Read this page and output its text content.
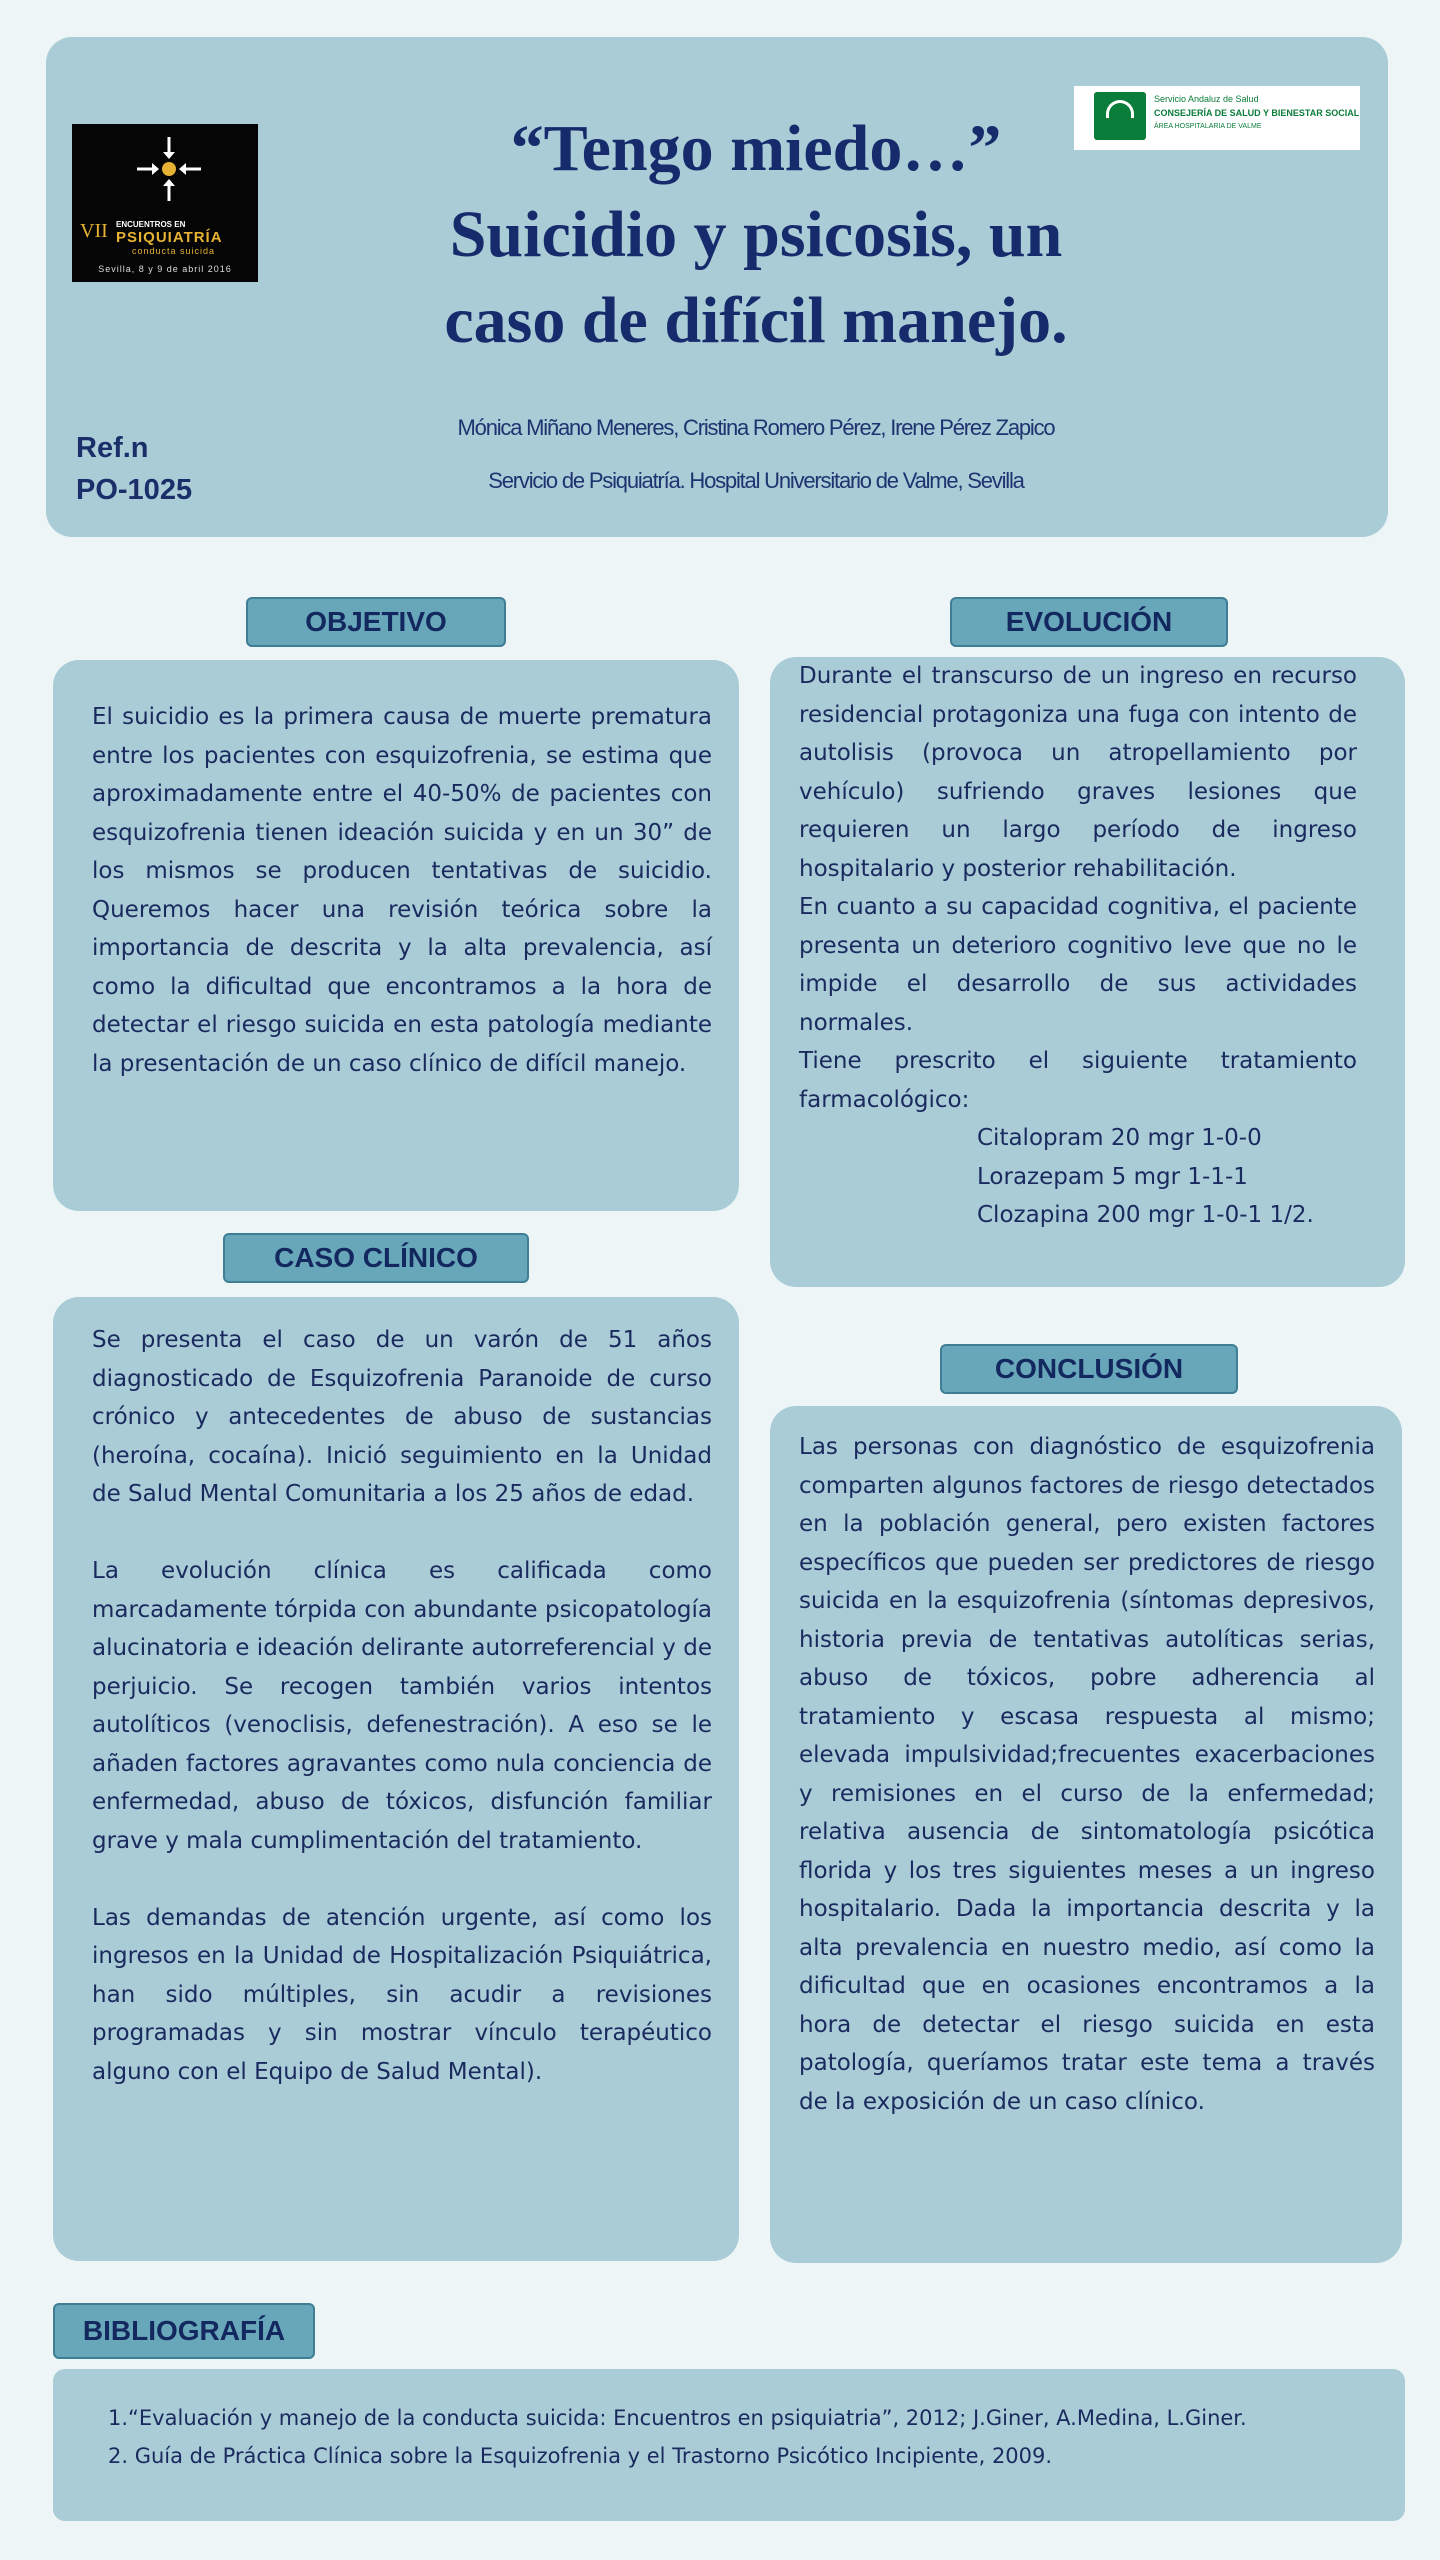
VII ENCUENTROS EN
PSIQUIATRÍA
conducta suicida
Sevilla, 8 y 9 de abril 2016
“Tengo miedo…”
Suicidio y psicosis, un
caso de difícil manejo.
Servicio Andaluz de Salud
CONSEJERÍA DE SALUD Y BIENESTAR SOCIAL
ÁREA HOSPITALARIA DE VALME
Ref.n
PO-1025
Mónica Miñano Meneres, Cristina Romero Pérez, Irene Pérez Zapico
Servicio de Psiquiatría. Hospital Universitario de Valme, Sevilla
OBJETIVO

El suicidio es la primera causa de muerte prematura entre los pacientes con esquizofrenia, se estima que aproximadamente entre el 40-50% de pacientes con esquizofrenia tienen ideación suicida y en un 30” de los mismos se producen tentativas de suicidio. Queremos hacer una revisión teórica sobre la importancia de descrita y la alta prevalencia, así como la dificultad que encontramos a la hora de detectar el riesgo suicida en esta patología mediante la presentación de un caso clínico de difícil manejo.

CASO CLÍNICO

Se presenta el caso de un varón de 51 años diagnosticado de Esquizofrenia Paranoide de curso crónico y antecedentes de abuso de sustancias (heroína, cocaína). Inició seguimiento en la Unidad de Salud Mental Comunitaria a los 25 años de edad.

La evolución clínica es calificada como marcadamente tórpida con abundante psicopatología alucinatoria e ideación delirante autorreferencial y de perjuicio. Se recogen también varios intentos autolíticos (venoclisis, defenestración). A eso se le añaden factores agravantes como nula conciencia de enfermedad, abuso de tóxicos, disfunción familiar grave y mala cumplimentación del tratamiento.

Las demandas de atención urgente, así como los ingresos en la Unidad de Hospitalización Psiquiátrica, han sido múltiples, sin acudir a revisiones programadas y sin mostrar vínculo terapéutico alguno con el Equipo de Salud Mental).

EVOLUCIÓN

Durante el transcurso de un ingreso en recurso residencial protagoniza una fuga con intento de autolisis (provoca un atropellamiento por vehículo) sufriendo graves lesiones que requieren un largo período de ingreso hospitalario y posterior rehabilitación.

En cuanto a su capacidad cognitiva, el paciente presenta un deterioro cognitivo leve que no le impide el desarrollo de sus actividades normales.

Tiene prescrito el siguiente tratamiento farmacológico:

Citalopram 20 mgr 1-0-0

Lorazepam 5 mgr 1-1-1

Clozapina 200 mgr 1-0-1 1/2.

CONCLUSIÓN

Las personas con diagnóstico de esquizofrenia comparten algunos factores de riesgo detectados en la población general, pero existen factores específicos que pueden ser predictores de riesgo suicida en la esquizofrenia (síntomas depresivos, historia previa de tentativas autolíticas serias, abuso de tóxicos, pobre adherencia al tratamiento y escasa respuesta al mismo; elevada impulsividad;frecuentes exacerbaciones y remisiones en el curso de la enfermedad; relativa ausencia de sintomatología psicótica florida y los tres siguientes meses a un ingreso hospitalario. Dada la importancia descrita y la alta prevalencia en nuestro medio, así como la dificultad que en ocasiones encontramos a la hora de detectar el riesgo suicida en esta patología, queríamos tratar este tema a través de la exposición de un caso clínico.

BIBLIOGRAFÍA
1.“Evaluación y manejo de la conducta suicida: Encuentros en psiquiatria”, 2012; J.Giner, A.Medina, L.Giner.
2. Guía de Práctica Clínica sobre la Esquizofrenia y el Trastorno Psicótico Incipiente, 2009.
